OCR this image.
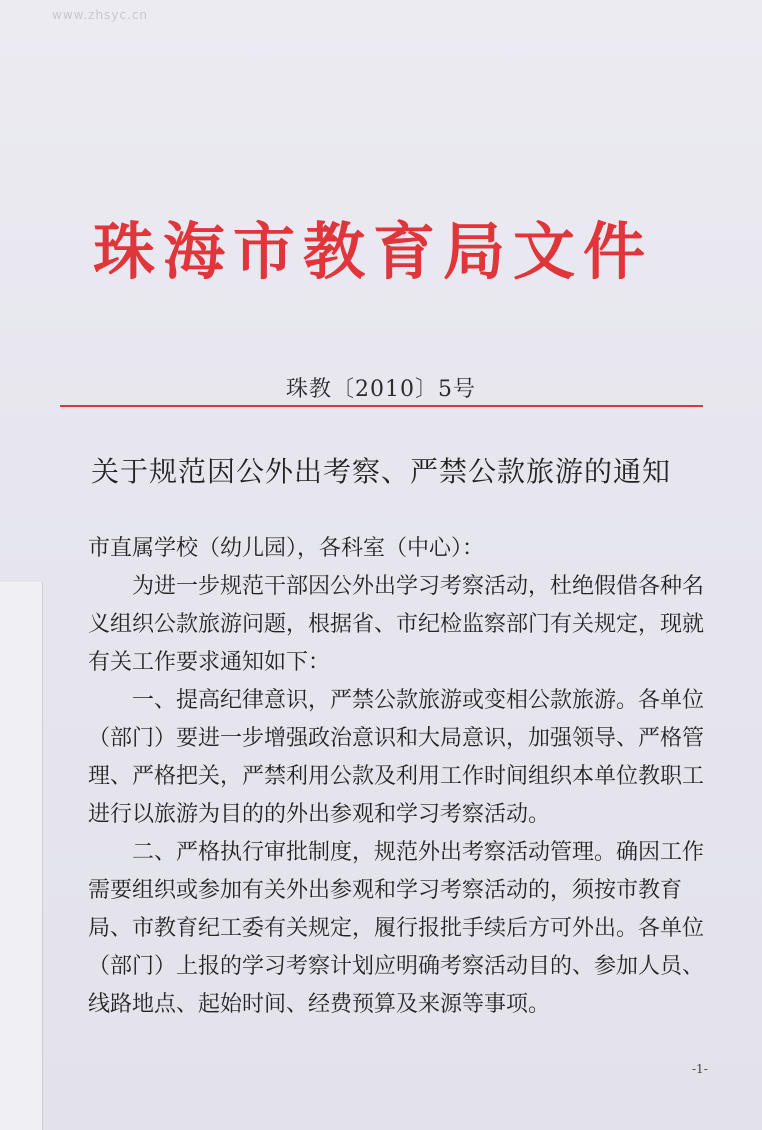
www.zhsyc.cn
珠海市教育局文件
珠教〔2010〕5号
关于规范因公外出考察、严禁公款旅游的通知

市直属学校（幼儿园），各科室（中心）：

为进一步规范干部因公外出学习考察活动，杜绝假借各种名义组织公款旅游问题，根据省、市纪检监察部门有关规定，现就有关工作要求通知如下：

一、提高纪律意识，严禁公款旅游或变相公款旅游。各单位（部门）要进一步增强政治意识和大局意识，加强领导、严格管理、严格把关，严禁利用公款及利用工作时间组织本单位教职工进行以旅游为目的的外出参观和学习考察活动。

二、严格执行审批制度，规范外出考察活动管理。确因工作需要组织或参加有关外出参观和学习考察活动的，须按市教育局、市教育纪工委有关规定，履行报批手续后方可外出。各单位（部门）上报的学习考察计划应明确考察活动目的、参加人员、线路地点、起始时间、经费预算及来源等事项。

-1-
